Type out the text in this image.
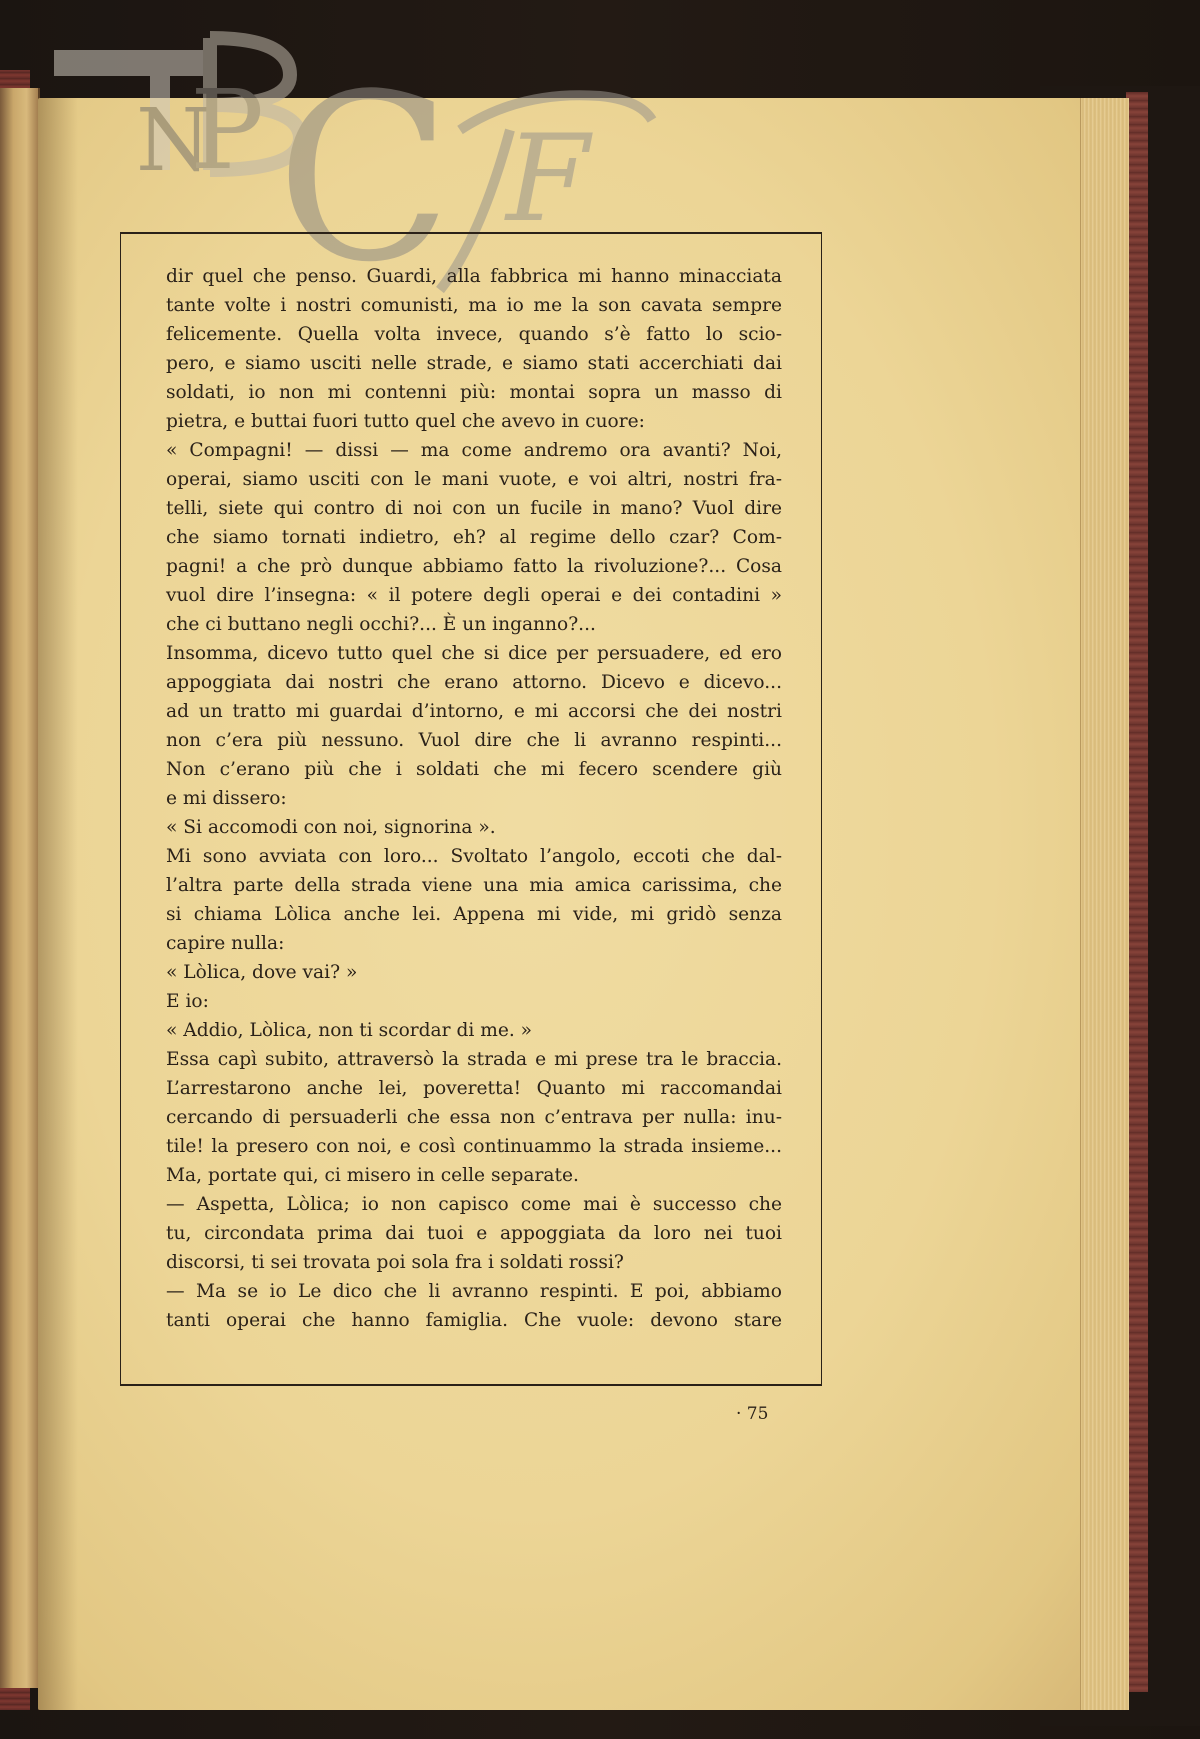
N
P C F
T
B

dir quel che penso. Guardi, alla fabbrica mi hanno minacciata

tante volte i nostri comunisti, ma io me la son cavata sempre

felicemente. Quella volta invece, quando s’è fatto lo scio-

pero, e siamo usciti nelle strade, e siamo stati accerchiati dai

soldati, io non mi contenni più: montai sopra un masso di

pietra, e buttai fuori tutto quel che avevo in cuore:

« Compagni! — dissi — ma come andremo ora avanti? Noi,

operai, siamo usciti con le mani vuote, e voi altri, nostri fra-

telli, siete qui contro di noi con un fucile in mano? Vuol dire

che siamo tornati indietro, eh? al regime dello czar? Com-

pagni! a che prò dunque abbiamo fatto la rivoluzione?... Cosa

vuol dire l’insegna: « il potere degli operai e dei contadini »

che ci buttano negli occhi?... È un inganno?...

Insomma, dicevo tutto quel che si dice per persuadere, ed ero

appoggiata dai nostri che erano attorno. Dicevo e dicevo...

ad un tratto mi guardai d’intorno, e mi accorsi che dei nostri

non c’era più nessuno. Vuol dire che li avranno respinti...

Non c’erano più che i soldati che mi fecero scendere giù

e mi dissero:

« Si accomodi con noi, signorina ».

Mi sono avviata con loro... Svoltato l’angolo, eccoti che dal-

l’altra parte della strada viene una mia amica carissima, che

si chiama Lòlica anche lei. Appena mi vide, mi gridò senza

capire nulla:

« Lòlica, dove vai? »

E io:

« Addio, Lòlica, non ti scordar di me. »

Essa capì subito, attraversò la strada e mi prese tra le braccia.

L’arrestarono anche lei, poveretta! Quanto mi raccomandai

cercando di persuaderli che essa non c’entrava per nulla: inu-

tile! la presero con noi, e così continuammo la strada insieme...

Ma, portate qui, ci misero in celle separate.

— Aspetta, Lòlica; io non capisco come mai è successo che

tu, circondata prima dai tuoi e appoggiata da loro nei tuoi

discorsi, ti sei trovata poi sola fra i soldati rossi?

— Ma se io Le dico che li avranno respinti. E poi, abbiamo

tanti operai che hanno famiglia. Che vuole: devono stare

· 75
